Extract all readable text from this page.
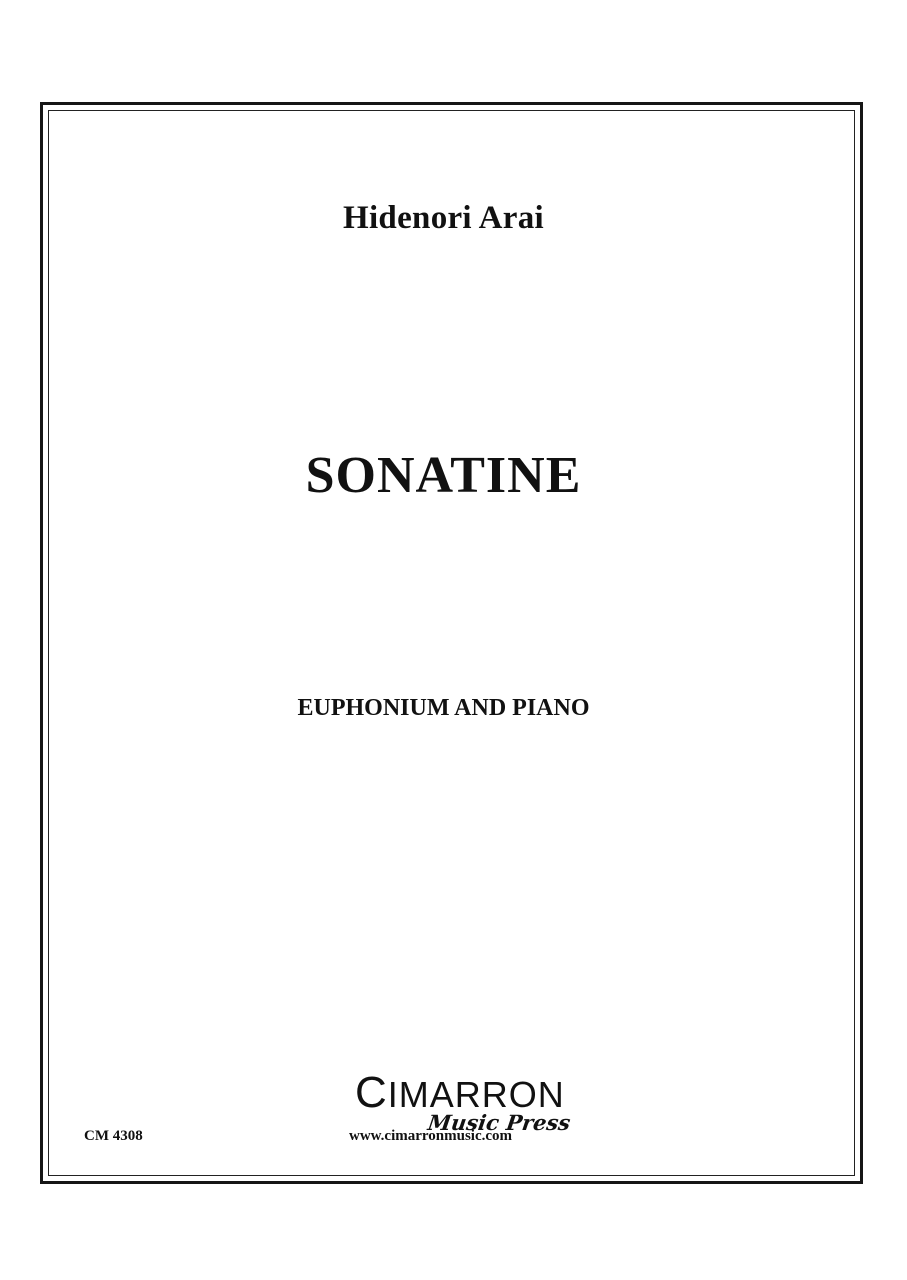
Hidenori Arai
SONATINE
EUPHONIUM AND PIANO
CIMARRON
Music Press
CM 4308	www.cimarronmusic.com
